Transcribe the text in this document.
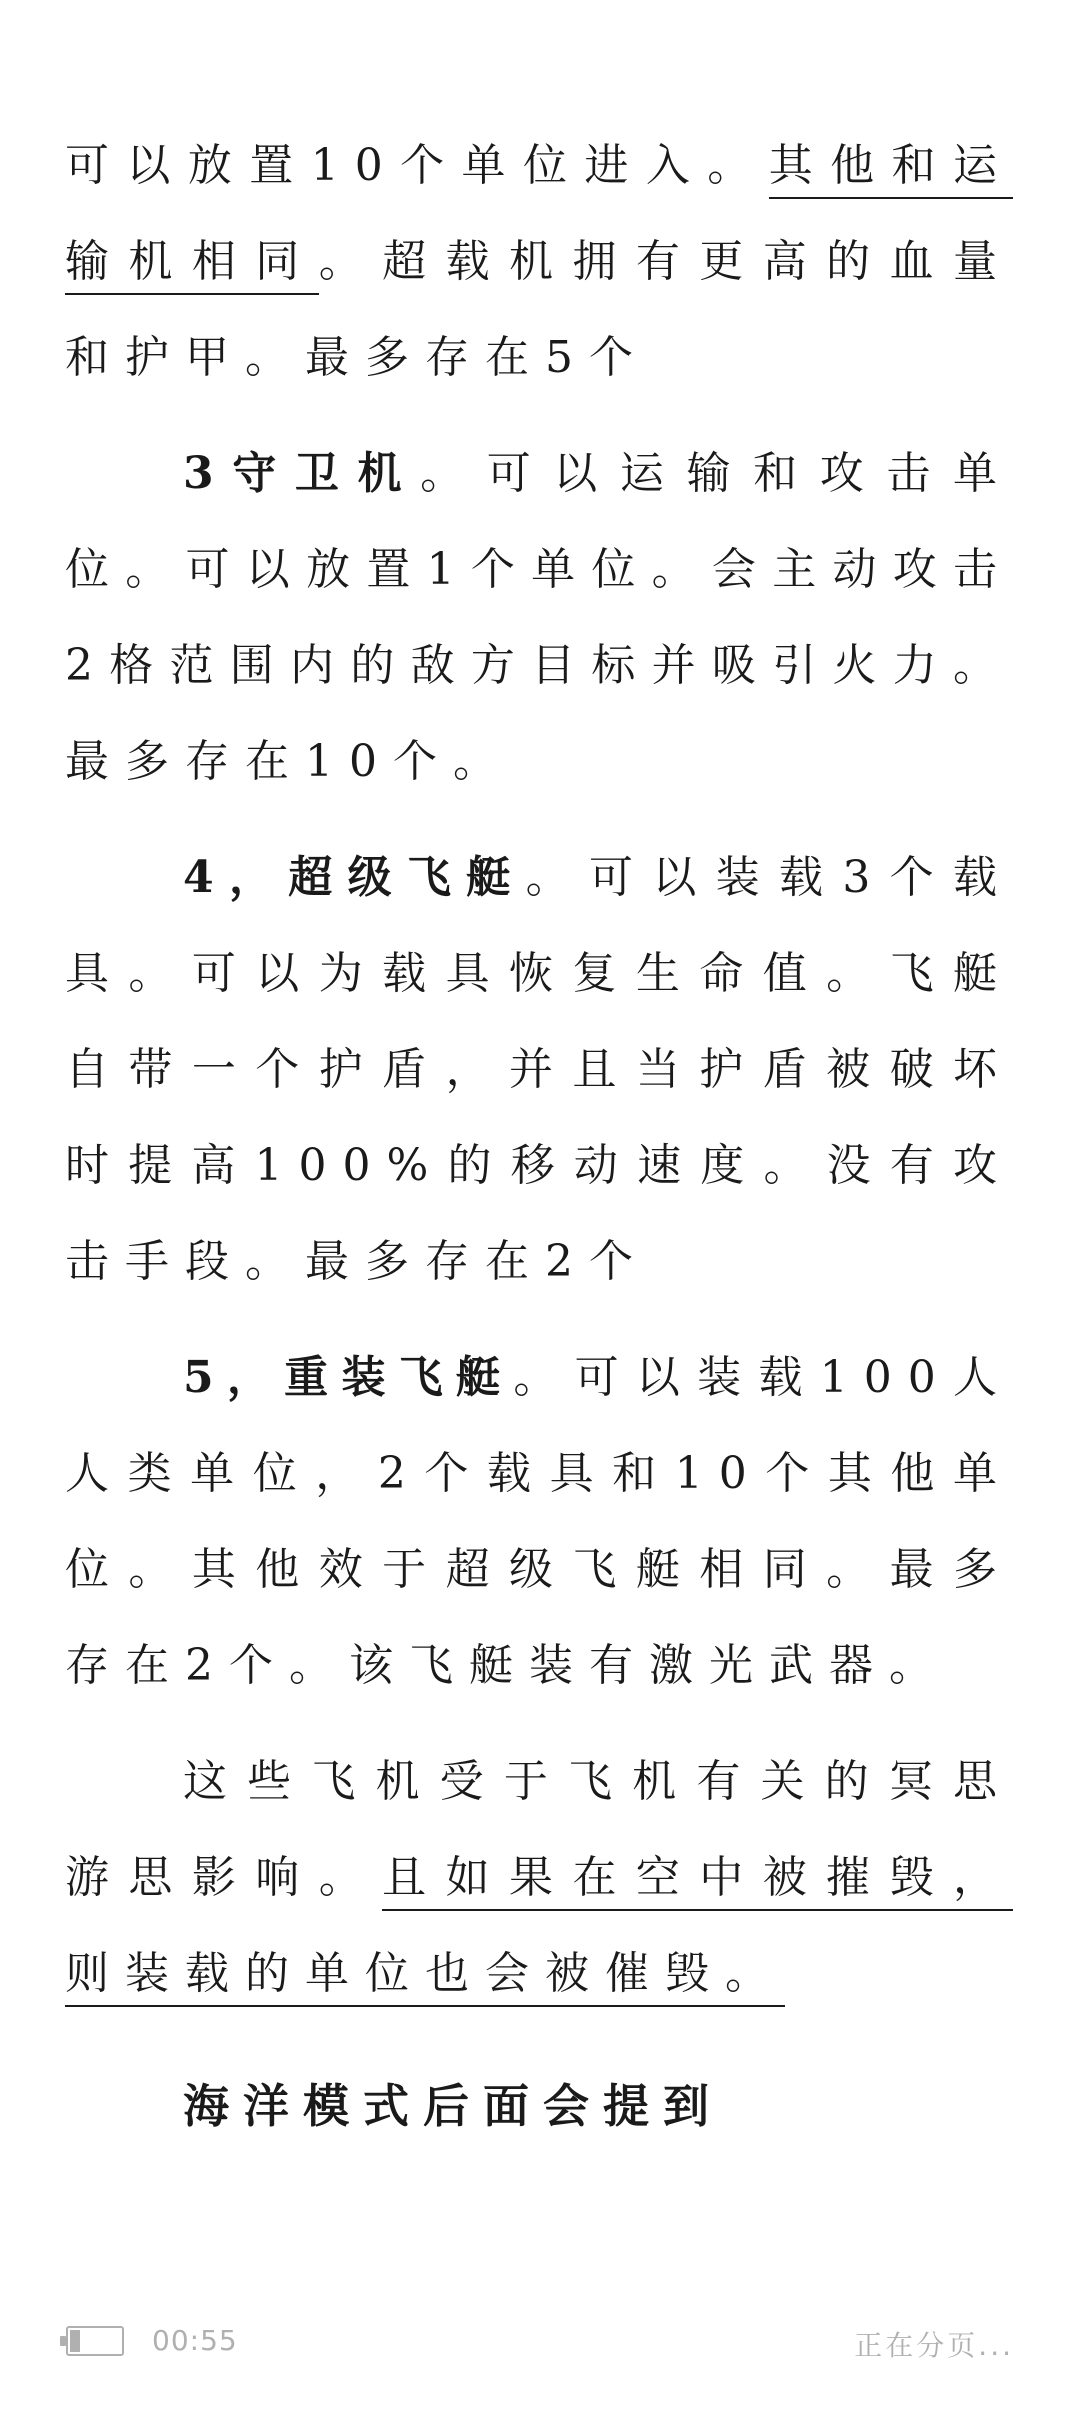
可以放置10个单位进入。其他和运输机相同。超载机拥有更高的血量和护甲。最多存在5个

3守卫机。可以运输和攻击单位。可以放置1个单位。会主动攻击2格范围内的敌方目标并吸引火力。最多存在10个。

4，超级飞艇。可以装载3个载具。可以为载具恢复生命值。飞艇自带一个护盾，并且当护盾被破坏时提高100%的移动速度。没有攻击手段。最多存在2个

5，重装飞艇。可以装载100人人类单位，2个载具和10个其他单位。其他效于超级飞艇相同。最多存在2个。该飞艇装有激光武器。

这些飞机受于飞机有关的冥思游思影响。且如果在空中被摧毁，则装载的单位也会被催毁。

海洋模式后面会提到

00:55	正在分页...
